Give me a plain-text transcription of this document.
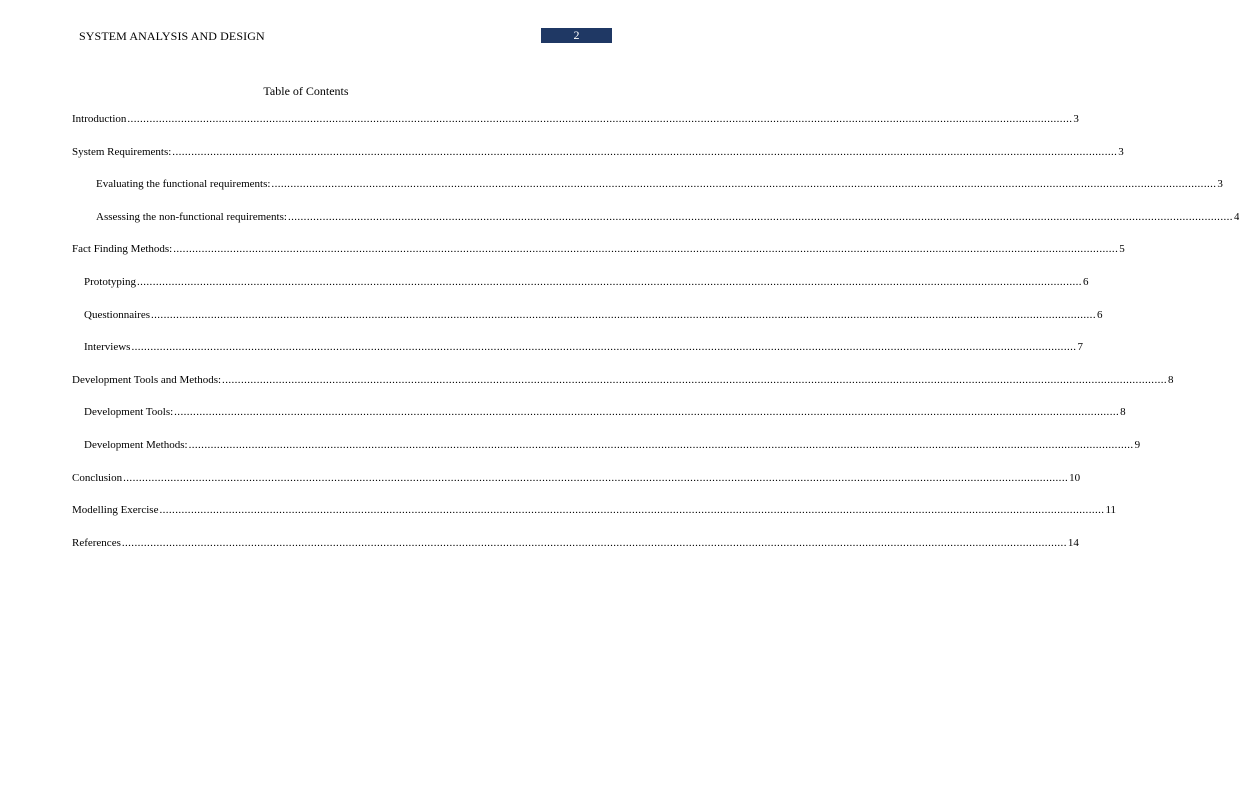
SYSTEM ANALYSIS AND DESIGN	2
Table of Contents
Introduction ............................................................................................................................................................................................................................................................................................................ 3
System Requirements: ............................................................................................................................................................................................................................................................................................................ 3
Evaluating the functional requirements: ............................................................................................................................................................................................................................................................................................................ 3
Assessing the non-functional requirements: ............................................................................................................................................................................................................................................................................................................ 4
Fact Finding Methods: ............................................................................................................................................................................................................................................................................................................ 5
Prototyping ............................................................................................................................................................................................................................................................................................................ 6
Questionnaires ............................................................................................................................................................................................................................................................................................................ 6
Interviews ............................................................................................................................................................................................................................................................................................................ 7
Development Tools and Methods: ............................................................................................................................................................................................................................................................................................................ 8
Development Tools: ............................................................................................................................................................................................................................................................................................................ 8
Development Methods: ............................................................................................................................................................................................................................................................................................................ 9
Conclusion ............................................................................................................................................................................................................................................................................................................ 10
Modelling Exercise ............................................................................................................................................................................................................................................................................................................ 11
References ............................................................................................................................................................................................................................................................................................................ 14
